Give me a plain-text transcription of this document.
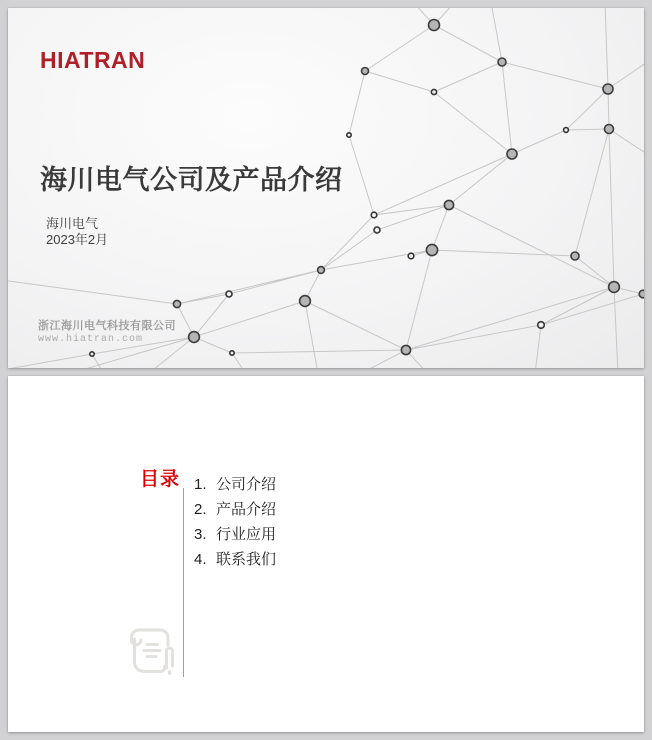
HIATRAN
海川电气公司及产品介绍
海川电气
2023年2月
浙江海川电气科技有限公司
www.hiatran.com
目录 1. 公司介绍
2. 产品介绍
3. 行业应用
4. 联系我们
